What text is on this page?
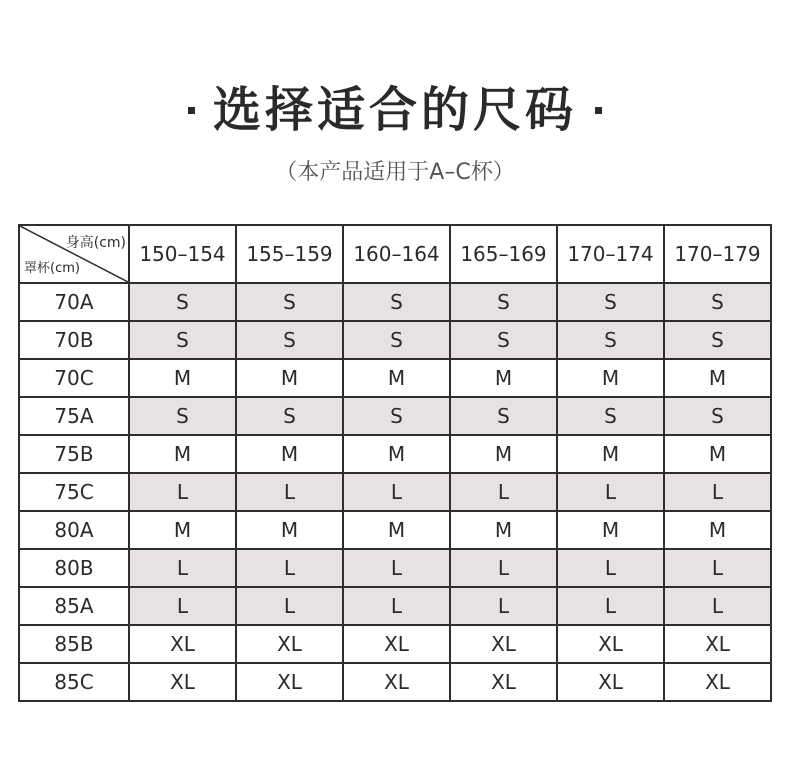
选择适合的尺码
（本产品适用于A–C杯）
身高(cm)
罩杯(cm)	150–154	155–159	160–164	165–169	170–174	170–179
70A	S	S	S	S	S	S
70B	S	S	S	S	S	S
70C	M	M	M	M	M	M
75A	S	S	S	S	S	S
75B	M	M	M	M	M	M
75C	L	L	L	L	L	L
80A	M	M	M	M	M	M
80B	L	L	L	L	L	L
85A	L	L	L	L	L	L
85B	XL	XL	XL	XL	XL	XL
85C	XL	XL	XL	XL	XL	XL
